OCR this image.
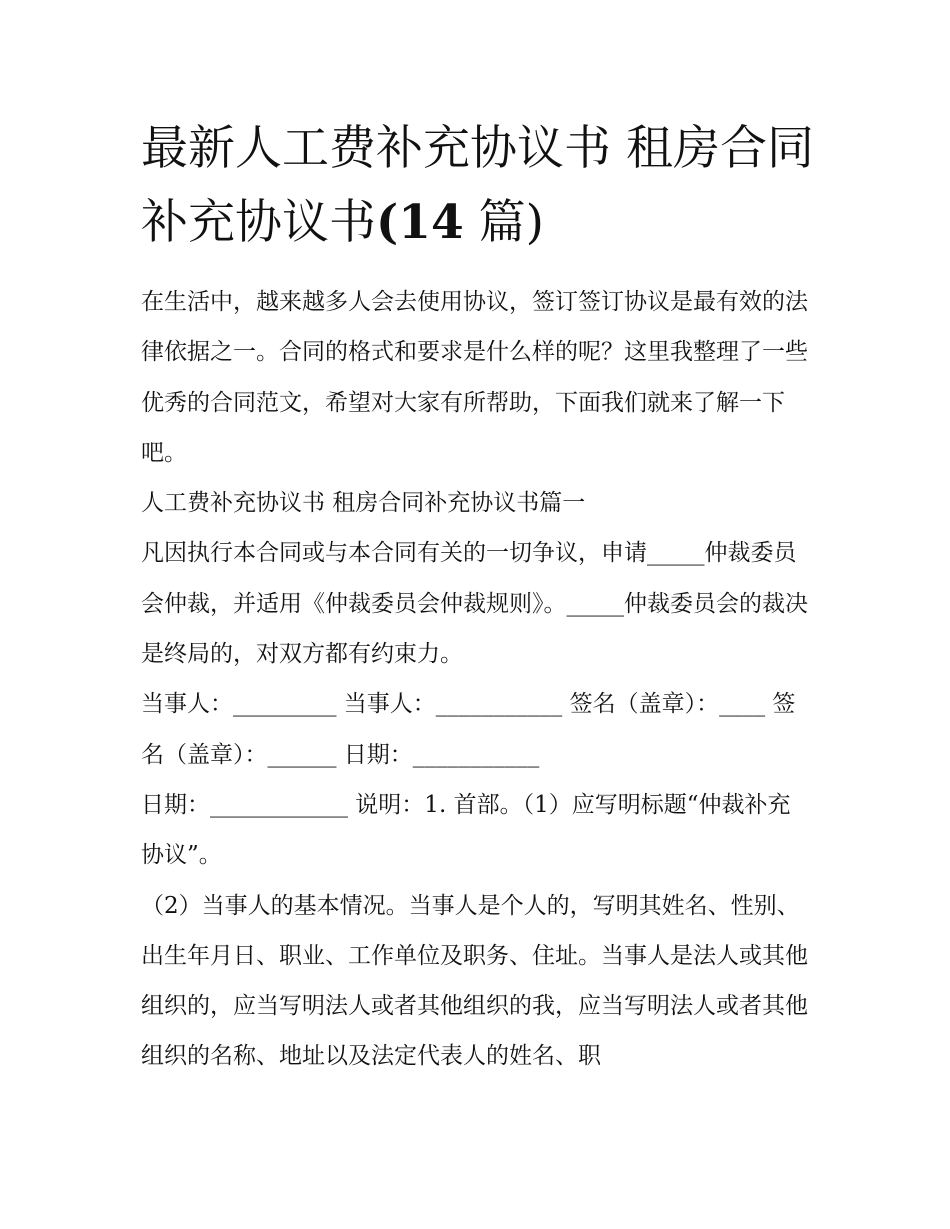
最新人工费补充协议书 租房合同补充协议书(14 篇)

在生活中，越来越多人会去使用协议，签订签订协议是最有效的法律依据之一。合同的格式和要求是什么样的呢？这里我整理了一些优秀的合同范文，希望对大家有所帮助，下面我们就来了解一下吧。

人工费补充协议书 租房合同补充协议书篇一

凡因执行本合同或与本合同有关的一切争议，申请_____仲裁委员会仲裁，并适用《仲裁委员会仲裁规则》。_____仲裁委员会的裁决是终局的，对双方都有约束力。

当事人：_________ 当事人：___________ 签名（盖章）：____ 签名（盖章）：______ 日期：___________

日期：____________ 说明：1. 首部。（1）应写明标题“仲裁补充协议”。

（2）当事人的基本情况。当事人是个人的，写明其姓名、性别、出生年月日、职业、工作单位及职务、住址。当事人是法人或其他组织的，应当写明法人或者其他组织的我，应当写明法人或者其他组织的名称、地址以及法定代表人的姓名、职
